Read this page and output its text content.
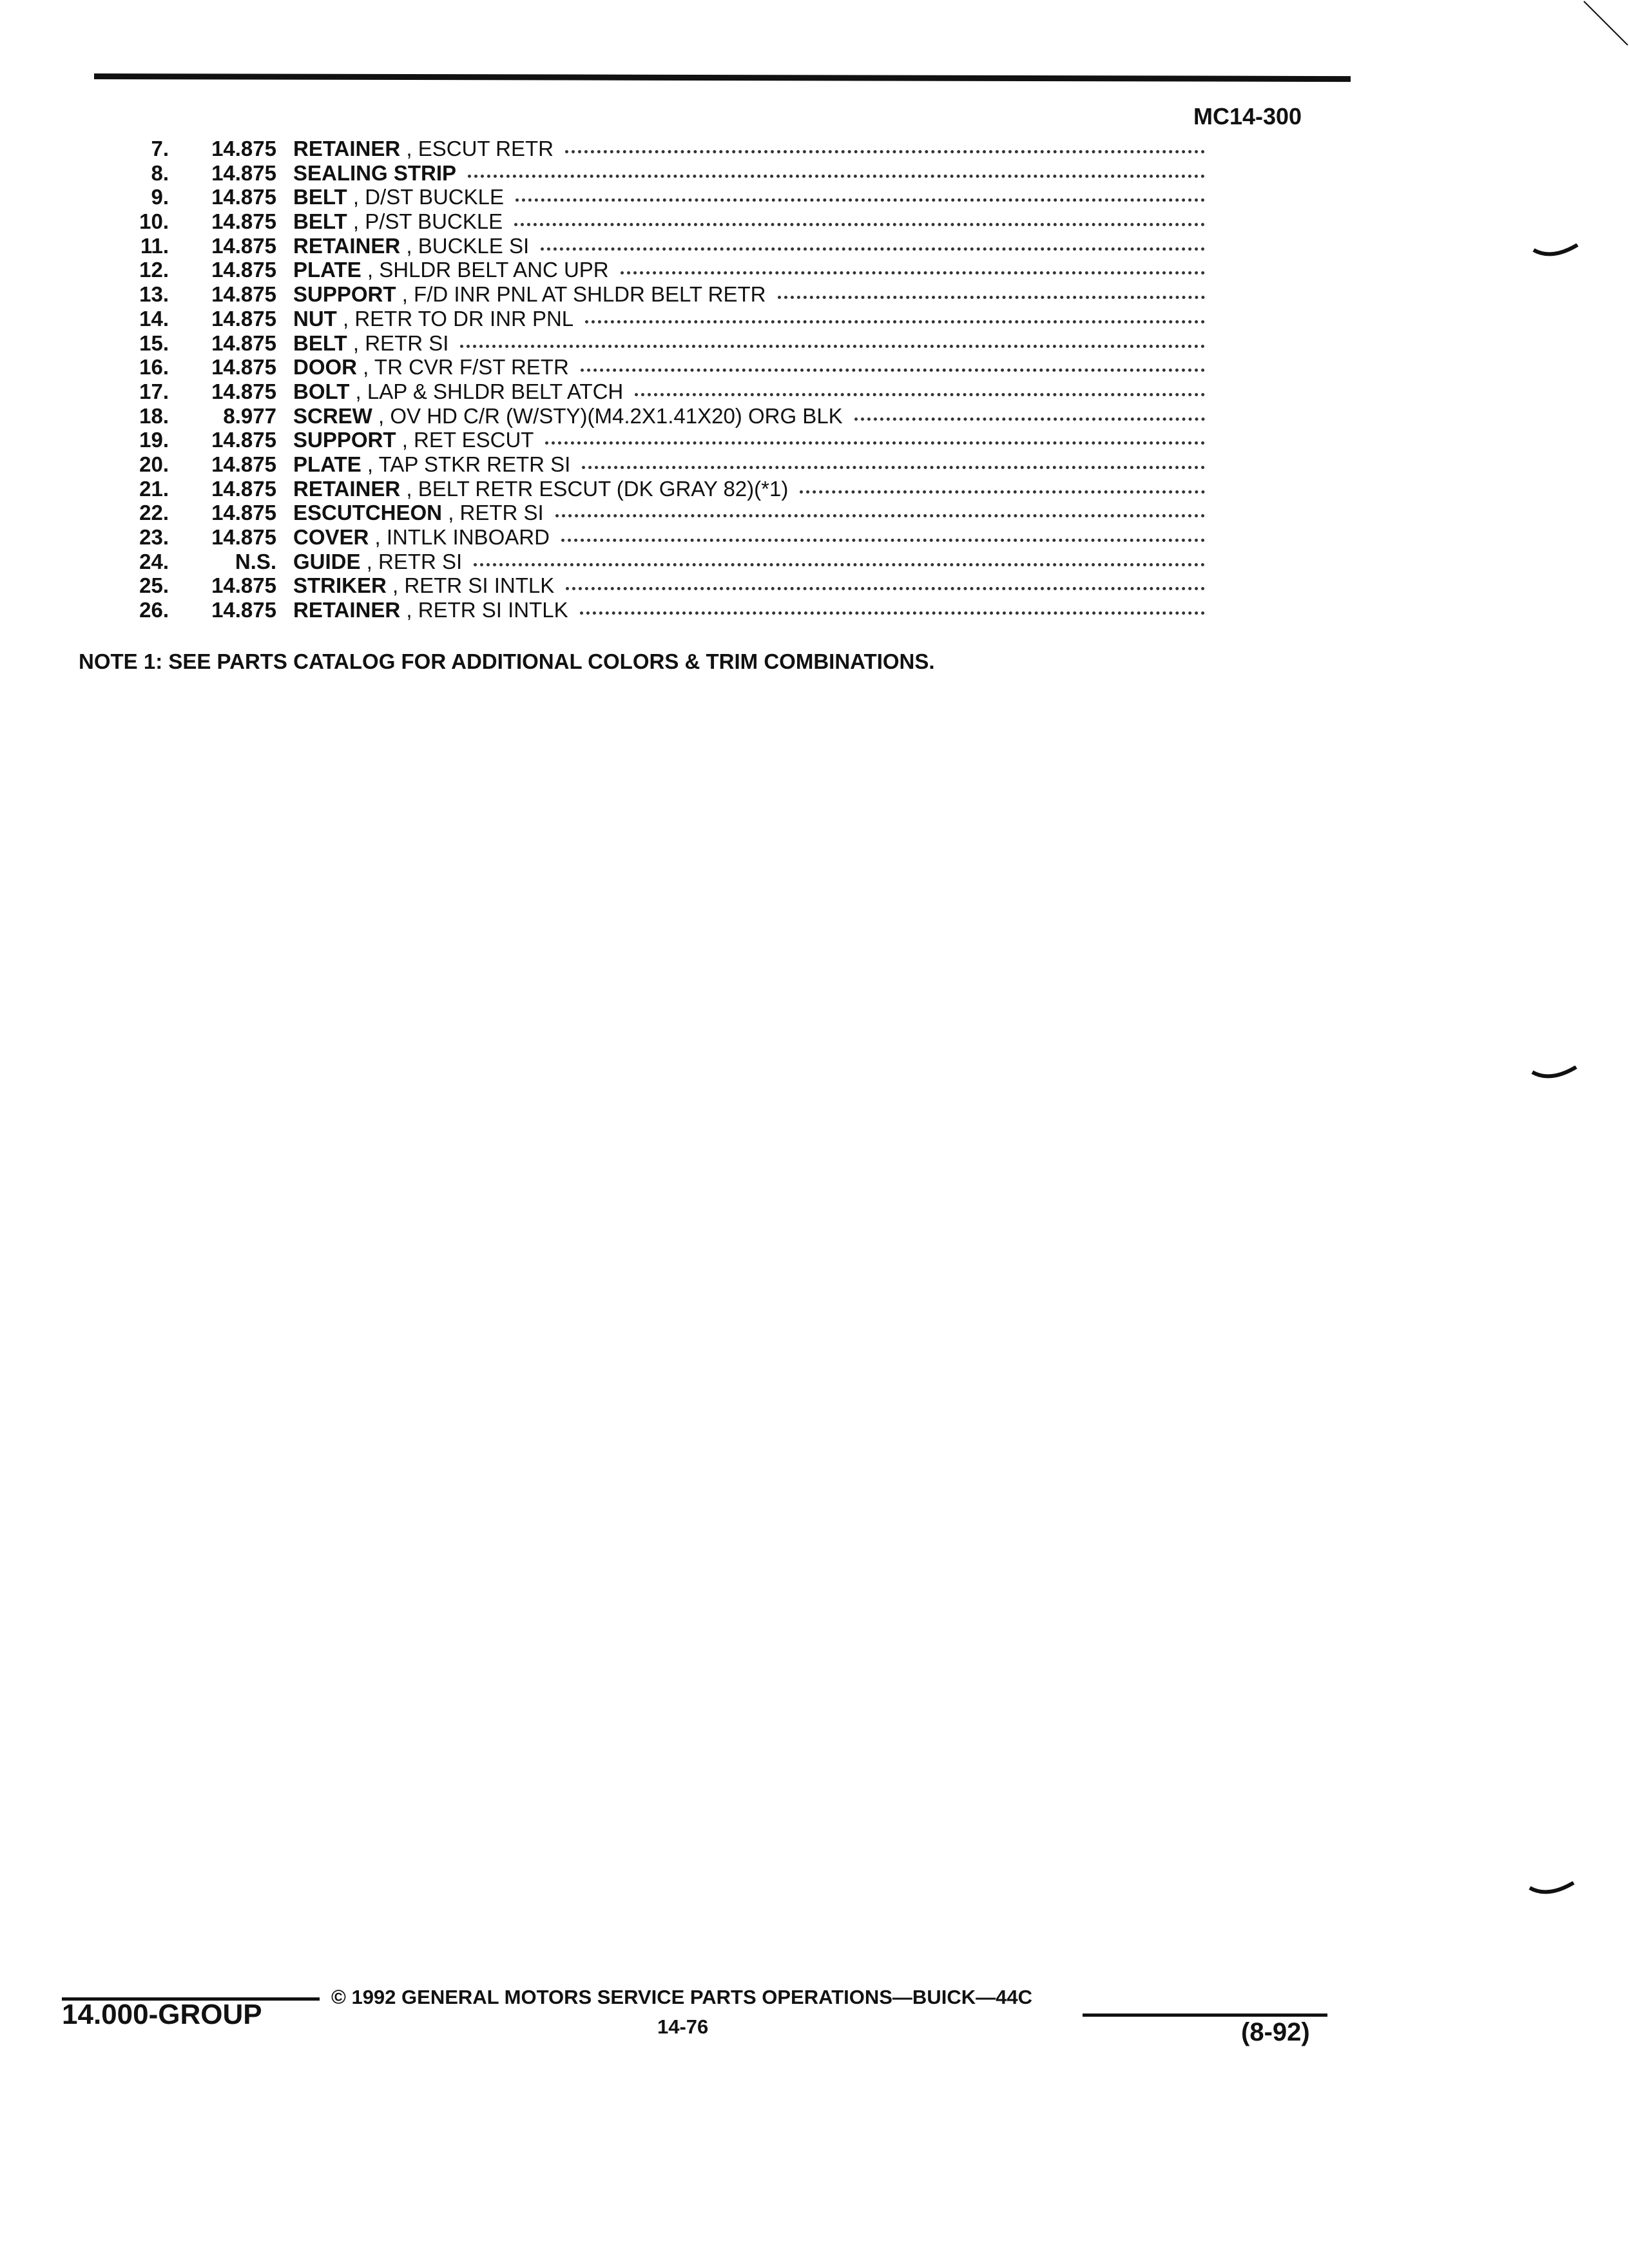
MC14-300
7.	14.875 RETAINER , ESCUT RETR
8.	14.875 SEALING STRIP
9.	14.875 BELT , D/ST BUCKLE
10.	14.875 BELT , P/ST BUCKLE
11.	14.875 RETAINER , BUCKLE SI
12.	14.875 PLATE , SHLDR BELT ANC UPR
13.	14.875 SUPPORT , F/D INR PNL AT SHLDR BELT RETR
14.	14.875 NUT , RETR TO DR INR PNL
15.	14.875 BELT , RETR SI
16.	14.875 DOOR , TR CVR F/ST RETR
17.	14.875 BOLT , LAP & SHLDR BELT ATCH
18.	8.977 SCREW , OV HD C/R (W/STY)(M4.2X1.41X20) ORG BLK
19.	14.875 SUPPORT , RET ESCUT
20.	14.875 PLATE , TAP STKR RETR SI
21.	14.875 RETAINER , BELT RETR ESCUT (DK GRAY 82)(*1)
22.	14.875 ESCUTCHEON , RETR SI
23.	14.875 COVER , INTLK INBOARD
24.	N.S. GUIDE , RETR SI
25.	14.875 STRIKER , RETR SI INTLK
26.	14.875 RETAINER , RETR SI INTLK
NOTE 1: SEE PARTS CATALOG FOR ADDITIONAL COLORS & TRIM COMBINATIONS.
14.000-GROUP
© 1992 GENERAL MOTORS SERVICE PARTS OPERATIONS—BUICK—44C
14-76	(8-92)
